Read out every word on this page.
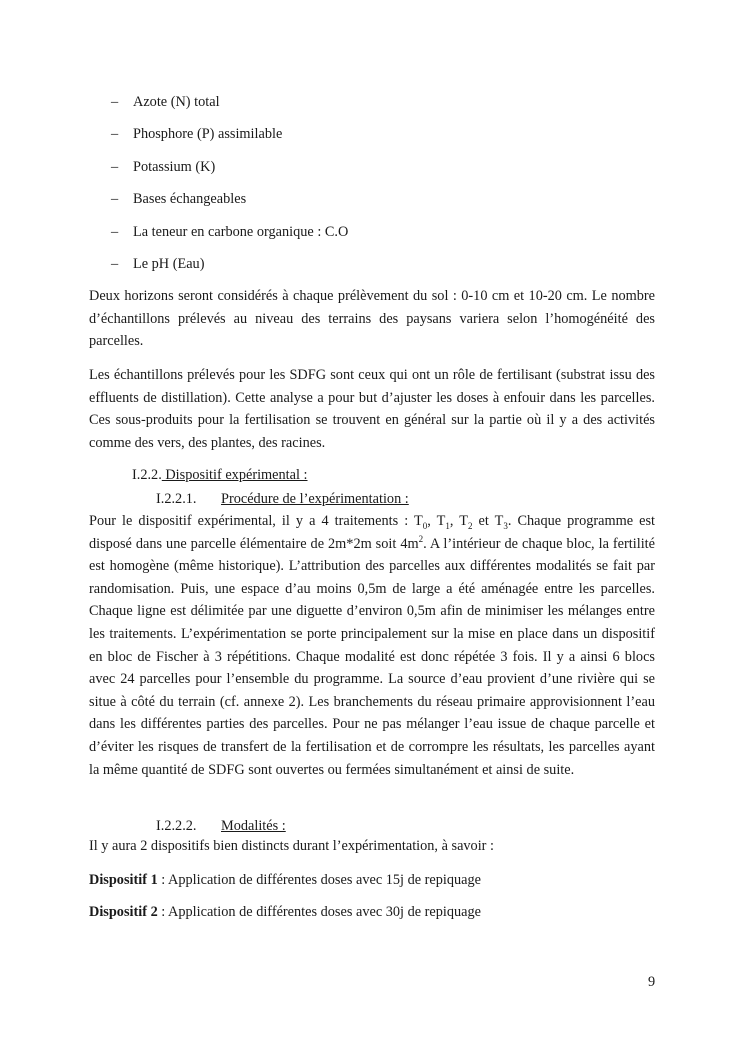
– Azote (N) total
– Phosphore (P) assimilable
– Potassium (K)
– Bases échangeables
– La teneur en carbone organique : C.O
– Le pH (Eau)

Deux horizons seront considérés à chaque prélèvement du sol : 0-10 cm et 10-20 cm. Le nombre d’échantillons prélevés au niveau des terrains des paysans variera selon l’homogénéité des parcelles.

Les échantillons prélevés pour les SDFG sont ceux qui ont un rôle de fertilisant (substrat issu des effluents de distillation). Cette analyse a pour but d’ajuster les doses à enfouir dans les parcelles. Ces sous-produits pour la fertilisation se trouvent en général sur la partie où il y a des activités comme des vers, des plantes, des racines.

I.2.2. Dispositif expérimental :
I.2.2.1. Procédure de l’expérimentation :

Pour le dispositif expérimental, il y a 4 traitements : $T_0$, $T_1$, $T_2$ et $T_3$. Chaque programme est disposé dans une parcelle élémentaire de 2m*2m soit $4m^2$. A l’intérieur de chaque bloc, la fertilité est homogène (même historique). L’attribution des parcelles aux différentes modalités se fait par randomisation. Puis, une espace d’au moins 0,5m de large a été aménagée entre les parcelles. Chaque ligne est délimitée par une diguette d’environ 0,5m afin de minimiser les mélanges entre les traitements. L’expérimentation se porte principalement sur la mise en place dans un dispositif en bloc de Fischer à 3 répétitions. Chaque modalité est donc répétée 3 fois. Il y a ainsi 6 blocs avec 24 parcelles pour l’ensemble du programme. La source d’eau provient d’une rivière qui se situe à côté du terrain (cf. annexe 2). Les branchements du réseau primaire approvisionnent l’eau dans les différentes parties des parcelles. Pour ne pas mélanger l’eau issue de chaque parcelle et d’éviter les risques de transfert de la fertilisation et de corrompre les résultats, les parcelles ayant la même quantité de SDFG sont ouvertes ou fermées simultanément et ainsi de suite.

I.2.2.2. Modalités :
Il y aura 2 dispositifs bien distincts durant l’expérimentation, à savoir :
Dispositif 1 : Application de différentes doses avec 15j de repiquage
Dispositif 2 : Application de différentes doses avec 30j de repiquage
9
